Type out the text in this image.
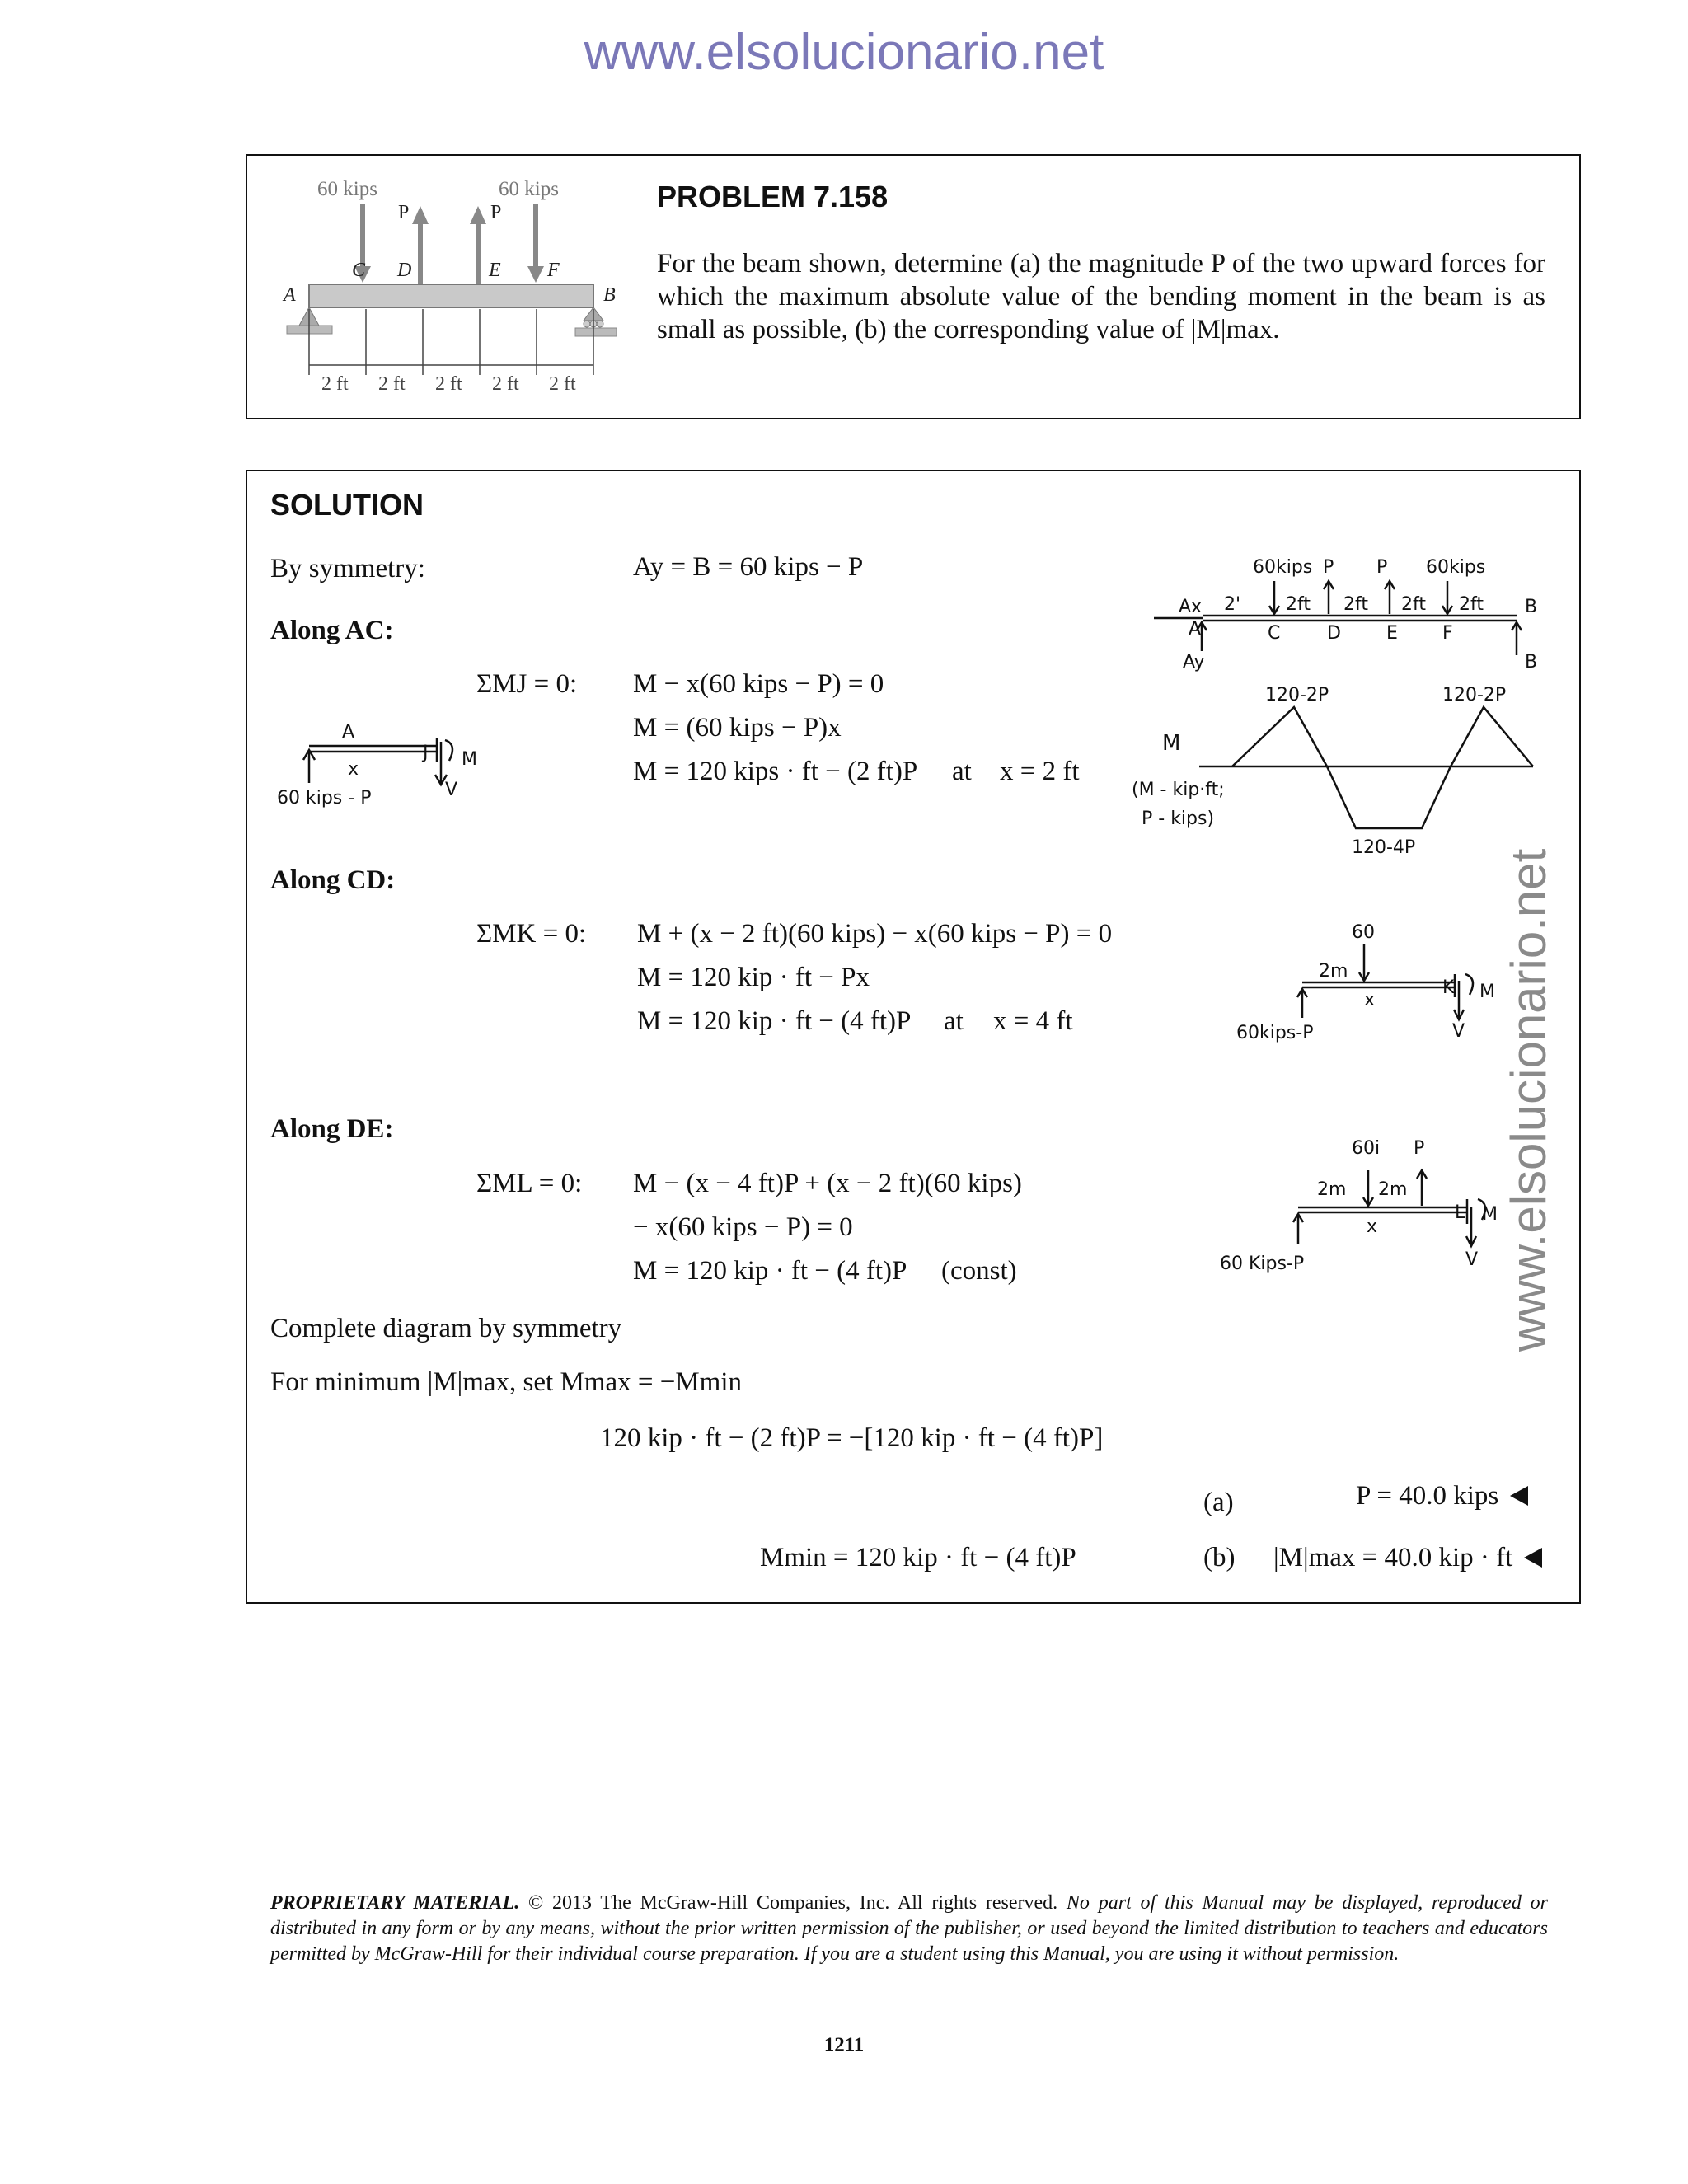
www.elsolucionario.net
www.elsolucionario.net
60 kips	60 kips
P	P
C D	E F
A	B
2 ft 2 ft 2 ft 2 ft 2 ft
PROBLEM 7.158
For the beam shown, determine (a) the magnitude P of the two upward forces for which the maximum absolute value of the bending moment in the beam is as small as possible, (b) the corresponding value of |M|max.
SOLUTION
By symmetry:	Ay = B = 60 kips − P
Along AC:
ΣMJ = 0: M − x(60 kips − P) = 0
M = (60 kips − P)x
M = 120 kips · ft − (2 ft)P at x = 2 ft
Along CD:
ΣMK = 0: M + (x − 2 ft)(60 kips) − x(60 kips − P) = 0
M = 120 kip · ft − Px
M = 120 kip · ft − (4 ft)P at x = 4 ft
Along DE:
ΣML = 0: M − (x − 4 ft)P + (x − 2 ft)(60 kips)
− x(60 kips − P) = 0
M = 120 kip · ft − (4 ft)P (const)
Complete diagram by symmetry
For minimum |M|max, set Mmax = −Mmin
120 kip · ft − (2 ft)P = −[120 kip · ft − (4 ft)P]
(a)	P = 40.0 kips
Mmin = 120 kip · ft − (4 ft)P	(b) |M|max = 40.0 kip · ft
x
60 kips - P
M
V
J
A
60kips P P 60kips
2' 2ft 2ft 2ft 2ft
Ax
A
Ay
C	D	E F
B
B
120-2P	120-2P
120-4P
M
(M - kip·ft; P - kips)
60
2m
x
60kips-P
K M
V
60i P
2m 2m
x
60 Kips-P
L M
V
PROPRIETARY MATERIAL. © 2013 The McGraw-Hill Companies, Inc. All rights reserved. No part of this Manual may be displayed, reproduced or distributed in any form or by any means, without the prior written permission of the publisher, or used beyond the limited distribution to teachers and educators permitted by McGraw-Hill for their individual course preparation. If you are a student using this Manual, you are using it without permission.
1211
